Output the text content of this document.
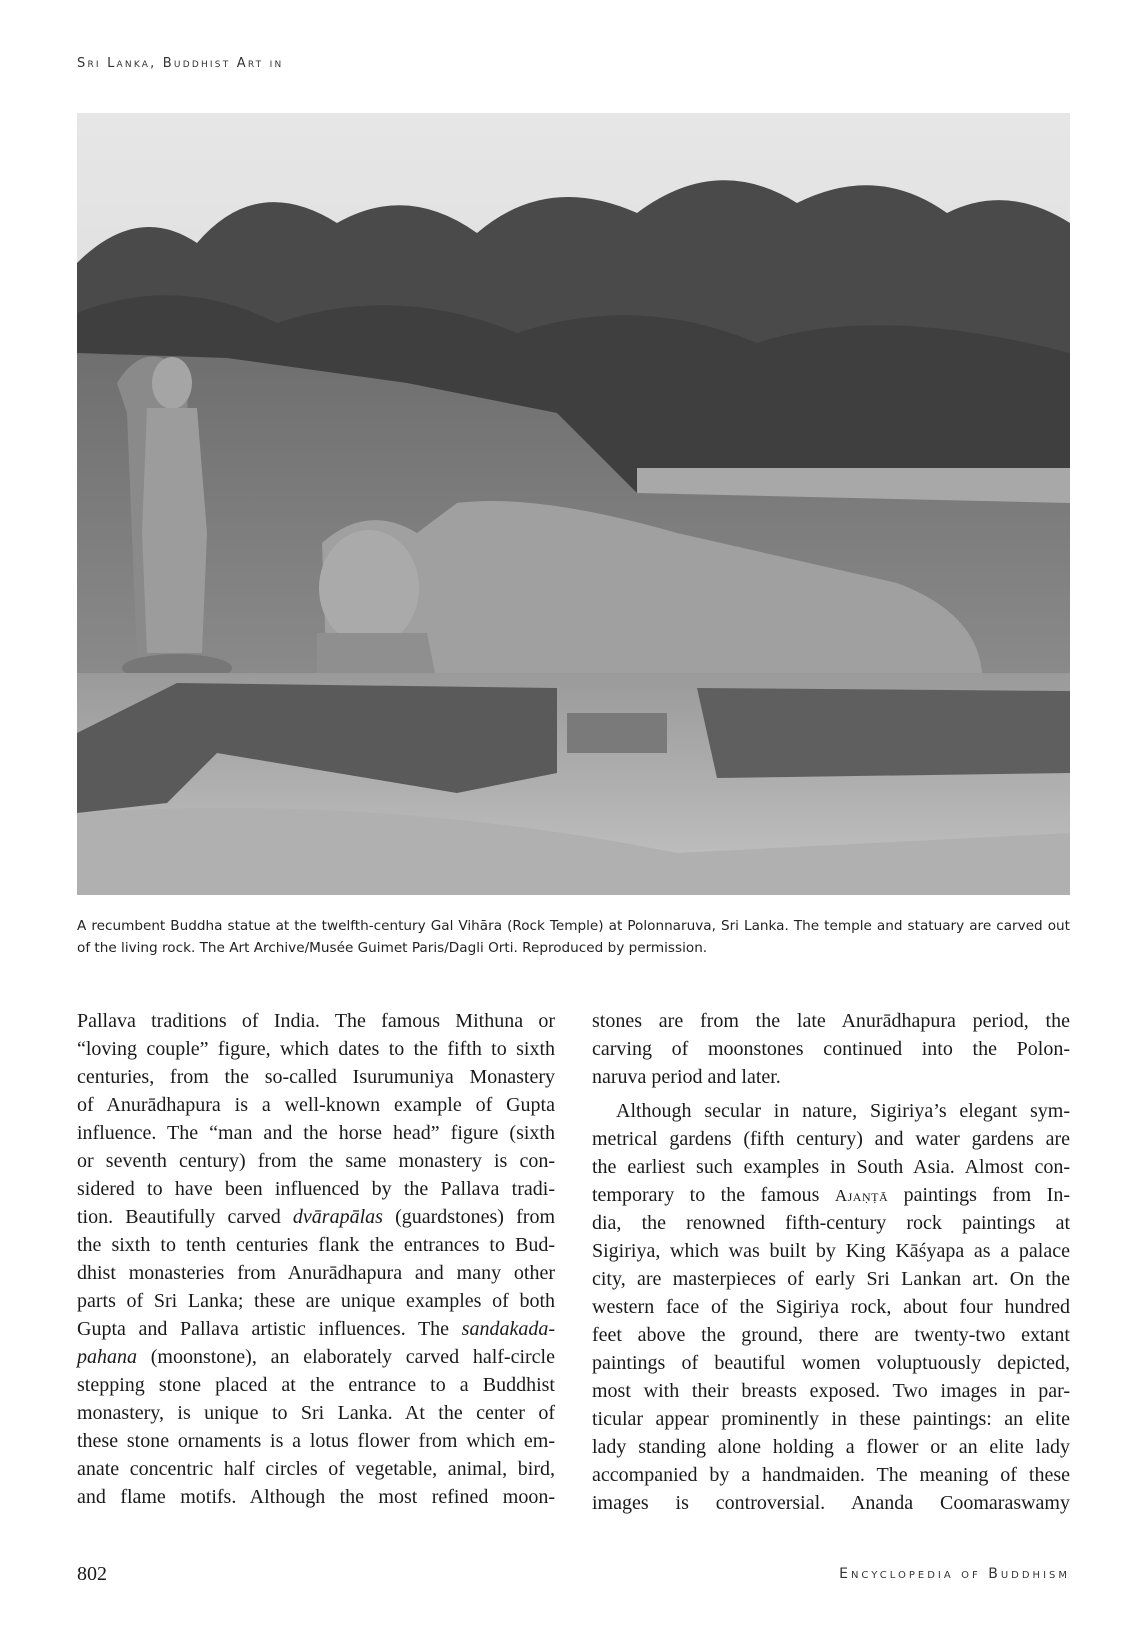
Sri Lanka, Buddhist Art in
A recumbent Buddha statue at the twelfth-century Gal Vihāra (Rock Temple) at Polonnaruva, Sri Lanka. The temple and statuary are carved out of the living rock. The Art Archive/Musée Guimet Paris/Dagli Orti. Reproduced by permission.
Pallava traditions of India. The famous Mithuna or
“loving couple” figure, which dates to the fifth to sixth
centuries, from the so-called Isurumuniya Monastery
of Anurādhapura is a well-known example of Gupta
influence. The “man and the horse head” figure (sixth
or seventh century) from the same monastery is con-
sidered to have been influenced by the Pallava tradi-
tion. Beautifully carved dvārapālas (guardstones) from
the sixth to tenth centuries flank the entrances to Bud-
dhist monasteries from Anurādhapura and many other
parts of Sri Lanka; these are unique examples of both
Gupta and Pallava artistic influences. The sandakada-
pahana (moonstone), an elaborately carved half-circle
stepping stone placed at the entrance to a Buddhist
monastery, is unique to Sri Lanka. At the center of
these stone ornaments is a lotus flower from which em-
anate concentric half circles of vegetable, animal, bird,
and flame motifs. Although the most refined moon-
stones are from the late Anurādhapura period, the
carving of moonstones continued into the Polon-
naruva period and later.
Although secular in nature, Sigiriya’s elegant sym-
metrical gardens (fifth century) and water gardens are
the earliest such examples in South Asia. Almost con-
temporary to the famous Ajaṇṭā paintings from In-
dia, the renowned fifth-century rock paintings at
Sigiriya, which was built by King Kāśyapa as a palace
city, are masterpieces of early Sri Lankan art. On the
western face of the Sigiriya rock, about four hundred
feet above the ground, there are twenty-two extant
paintings of beautiful women voluptuously depicted,
most with their breasts exposed. Two images in par-
ticular appear prominently in these paintings: an elite
lady standing alone holding a flower or an elite lady
accompanied by a handmaiden. The meaning of these
images is controversial. Ananda Coomaraswamy
802	Encyclopedia of Buddhism
